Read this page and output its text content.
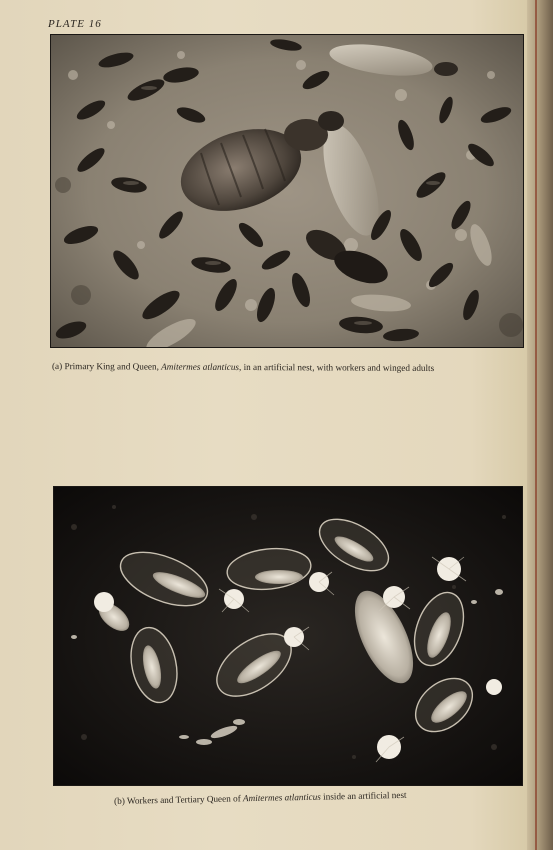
PLATE 16
(a) Primary King and Queen, Amitermes atlanticus, in an artificial nest, with workers and winged adults
(b) Workers and Tertiary Queen of Amitermes atlanticus inside an artificial nest
